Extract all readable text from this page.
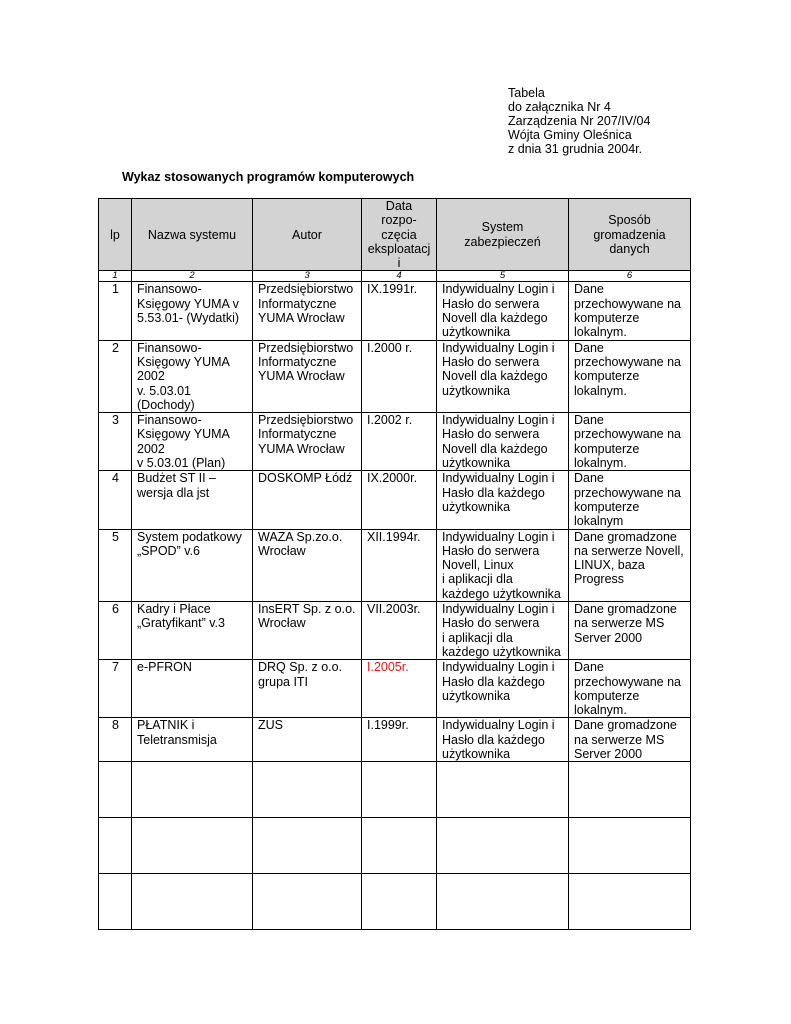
Tabela
do załącznika Nr 4
Zarządzenia Nr 207/IV/04
Wójta Gminy Oleśnica
z dnia 31 grudnia 2004r.
Wykaz stosowanych programów komputerowych
lp	Nazwa systemu	Autor	Data
rozpo-
częcia
eksploatacj
i	System
zabezpieczeń	Sposób
gromadzenia
danych

1	2	3	4	5	6

1	Finansowo-
Księgowy YUMA v
5.53.01- (Wydatki)	Przedsiębiorstwo
Informatyczne
YUMA Wrocław	IX.1991r.	Indywidualny Login i
Hasło do serwera
Novell dla każdego
użytkownika	Dane
przechowywane na
komputerze
lokalnym.

2	Finansowo-
Księgowy YUMA
2002
v. 5.03.01
(Dochody)	Przedsiębiorstwo
Informatyczne
YUMA Wrocław	I.2000 r.	Indywidualny Login i
Hasło do serwera
Novell dla każdego
użytkownika	Dane
przechowywane na
komputerze
lokalnym.

3	Finansowo-
Księgowy YUMA
2002
v 5.03.01 (Plan)	Przedsiębiorstwo
Informatyczne
YUMA Wrocław	I.2002 r.	Indywidualny Login i
Hasło do serwera
Novell dla każdego
użytkownika	Dane
przechowywane na
komputerze
lokalnym.

4	Budżet ST II –
wersja dla jst	DOSKOMP Łódź	IX.2000r.	Indywidualny Login i
Hasło dla każdego
użytkownika	Dane
przechowywane na
komputerze
lokalnym

5	System podatkowy
„SPOD” v.6	WAZA Sp.zo.o.
Wrocław	XII.1994r.	Indywidualny Login i
Hasło do serwera
Novell, Linux
i aplikacji dla
każdego użytkownika	Dane gromadzone
na serwerze Novell,
LINUX, baza
Progress

6	Kadry i Płace
„Gratyfikant” v.3	InsERT Sp. z o.o.
Wrocław	VII.2003r.	Indywidualny Login i
Hasło do serwera
i aplikacji dla
każdego użytkownika	Dane gromadzone
na serwerze MS
Server 2000

7	e-PFRON	DRQ Sp. z o.o.
grupa ITI	I.2005r.	Indywidualny Login i
Hasło dla każdego
użytkownika	Dane
przechowywane na
komputerze
lokalnym.

8	PŁATNIK i
Teletransmisja	ZUS	I.1999r.	Indywidualny Login i
Hasło dla każdego
użytkownika	Dane gromadzone
na serwerze MS
Server 2000
